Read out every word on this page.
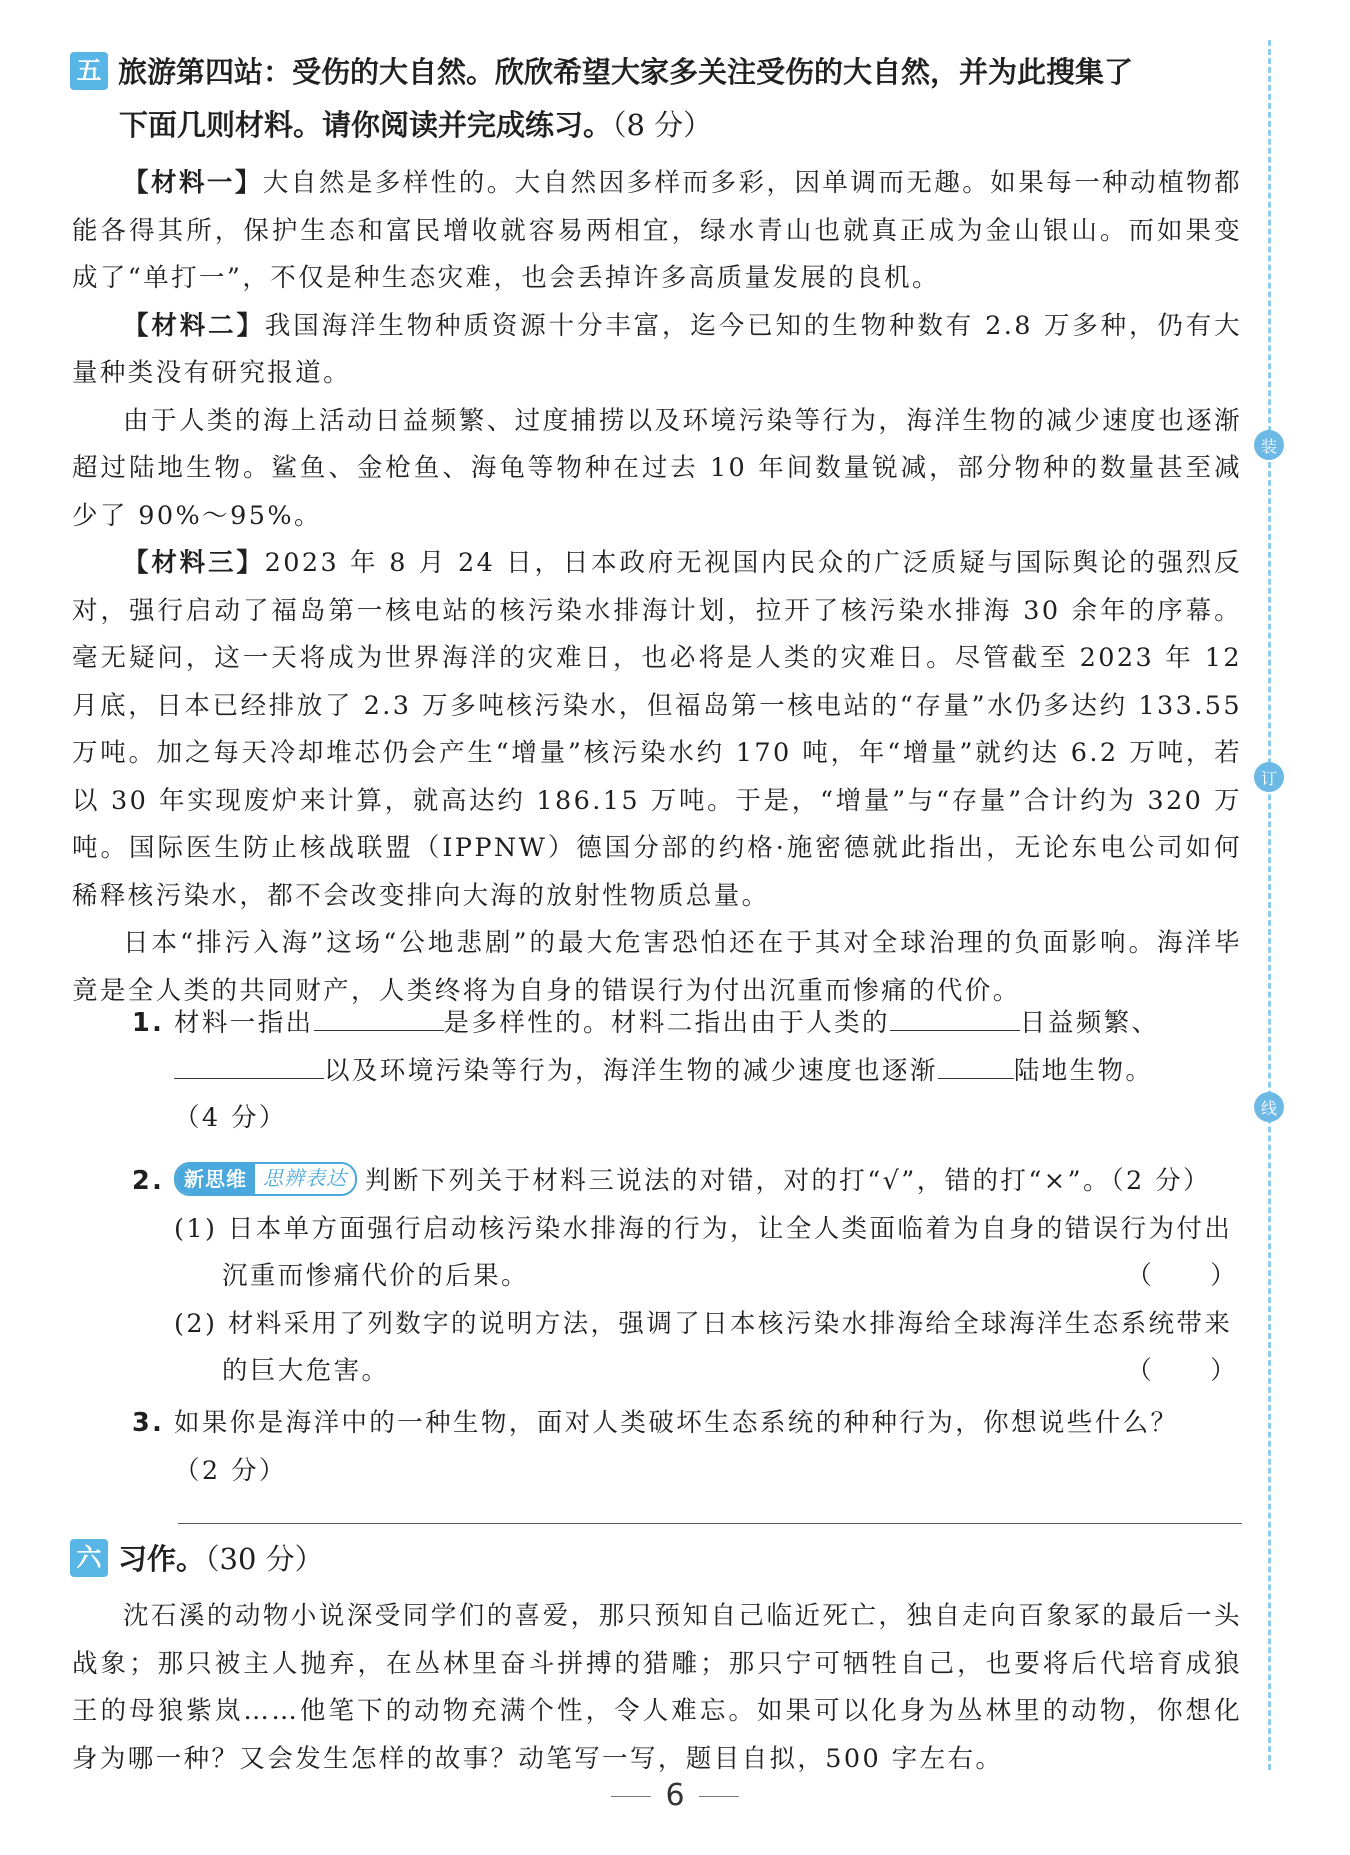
装
订
线
五 旅游第四站：受伤的大自然。欣欣希望大家多关注受伤的大自然，并为此搜集了
下面几则材料。请你阅读并完成练习。（8 分）

【材料一】大自然是多样性的。大自然因多样而多彩，因单调而无趣。如果每一种动植物都能各得其所，保护生态和富民增收就容易两相宜，绿水青山也就真正成为金山银山。而如果变成了“单打一”，不仅是种生态灾难，也会丢掉许多高质量发展的良机。

【材料二】我国海洋生物种质资源十分丰富，迄今已知的生物种数有 2.8 万多种，仍有大量种类没有研究报道。

由于人类的海上活动日益频繁、过度捕捞以及环境污染等行为，海洋生物的减少速度也逐渐超过陆地生物。鲨鱼、金枪鱼、海龟等物种在过去 10 年间数量锐减，部分物种的数量甚至减少了 90%～95%。

【材料三】2023 年 8 月 24 日，日本政府无视国内民众的广泛质疑与国际舆论的强烈反对，强行启动了福岛第一核电站的核污染水排海计划，拉开了核污染水排海 30 余年的序幕。毫无疑问，这一天将成为世界海洋的灾难日，也必将是人类的灾难日。尽管截至 2023 年 12 月底，日本已经排放了 2.3 万多吨核污染水，但福岛第一核电站的“存量”水仍多达约 133.55 万吨。加之每天冷却堆芯仍会产生“增量”核污染水约 170 吨，年“增量”就约达 6.2 万吨，若以 30 年实现废炉来计算，就高达约 186.15 万吨。于是，“增量”与“存量”合计约为 320 万吨。国际医生防止核战联盟（IPPNW）德国分部的约格·施密德就此指出，无论东电公司如何稀释核污染水，都不会改变排向大海的放射性物质总量。

日本“排污入海”这场“公地悲剧”的最大危害恐怕还在于其对全球治理的负面影响。海洋毕竟是全人类的共同财产，人类终将为自身的错误行为付出沉重而惨痛的代价。

1. 材料一指出	是多样性的。材料二指出由于人类的	日益频繁、以及环境污染等行为，海洋生物的减少速度也逐渐	陆地生物。（4 分）
2. 新思维 思辨表达 判断下列关于材料三说法的对错，对的打“√”，错的打“×”。（2 分）
(1) 日本单方面强行启动核污染水排海的行为，让全人类面临着为自身的错误行为付出沉重而惨痛代价的后果。	（　　）
(2) 材料采用了列数字的说明方法，强调了日本核污染水排海给全球海洋生态系统带来的巨大危害。	（　　）
3. 如果你是海洋中的一种生物，面对人类破坏生态系统的种种行为，你想说些什么？
（2 分）
六 习作。（30 分）

沈石溪的动物小说深受同学们的喜爱，那只预知自己临近死亡，独自走向百象冢的最后一头战象；那只被主人抛弃，在丛林里奋斗拼搏的猎雕；那只宁可牺牲自己，也要将后代培育成狼王的母狼紫岚……他笔下的动物充满个性，令人难忘。如果可以化身为丛林里的动物，你想化身为哪一种？又会发生怎样的故事？动笔写一写，题目自拟，500 字左右。

6
